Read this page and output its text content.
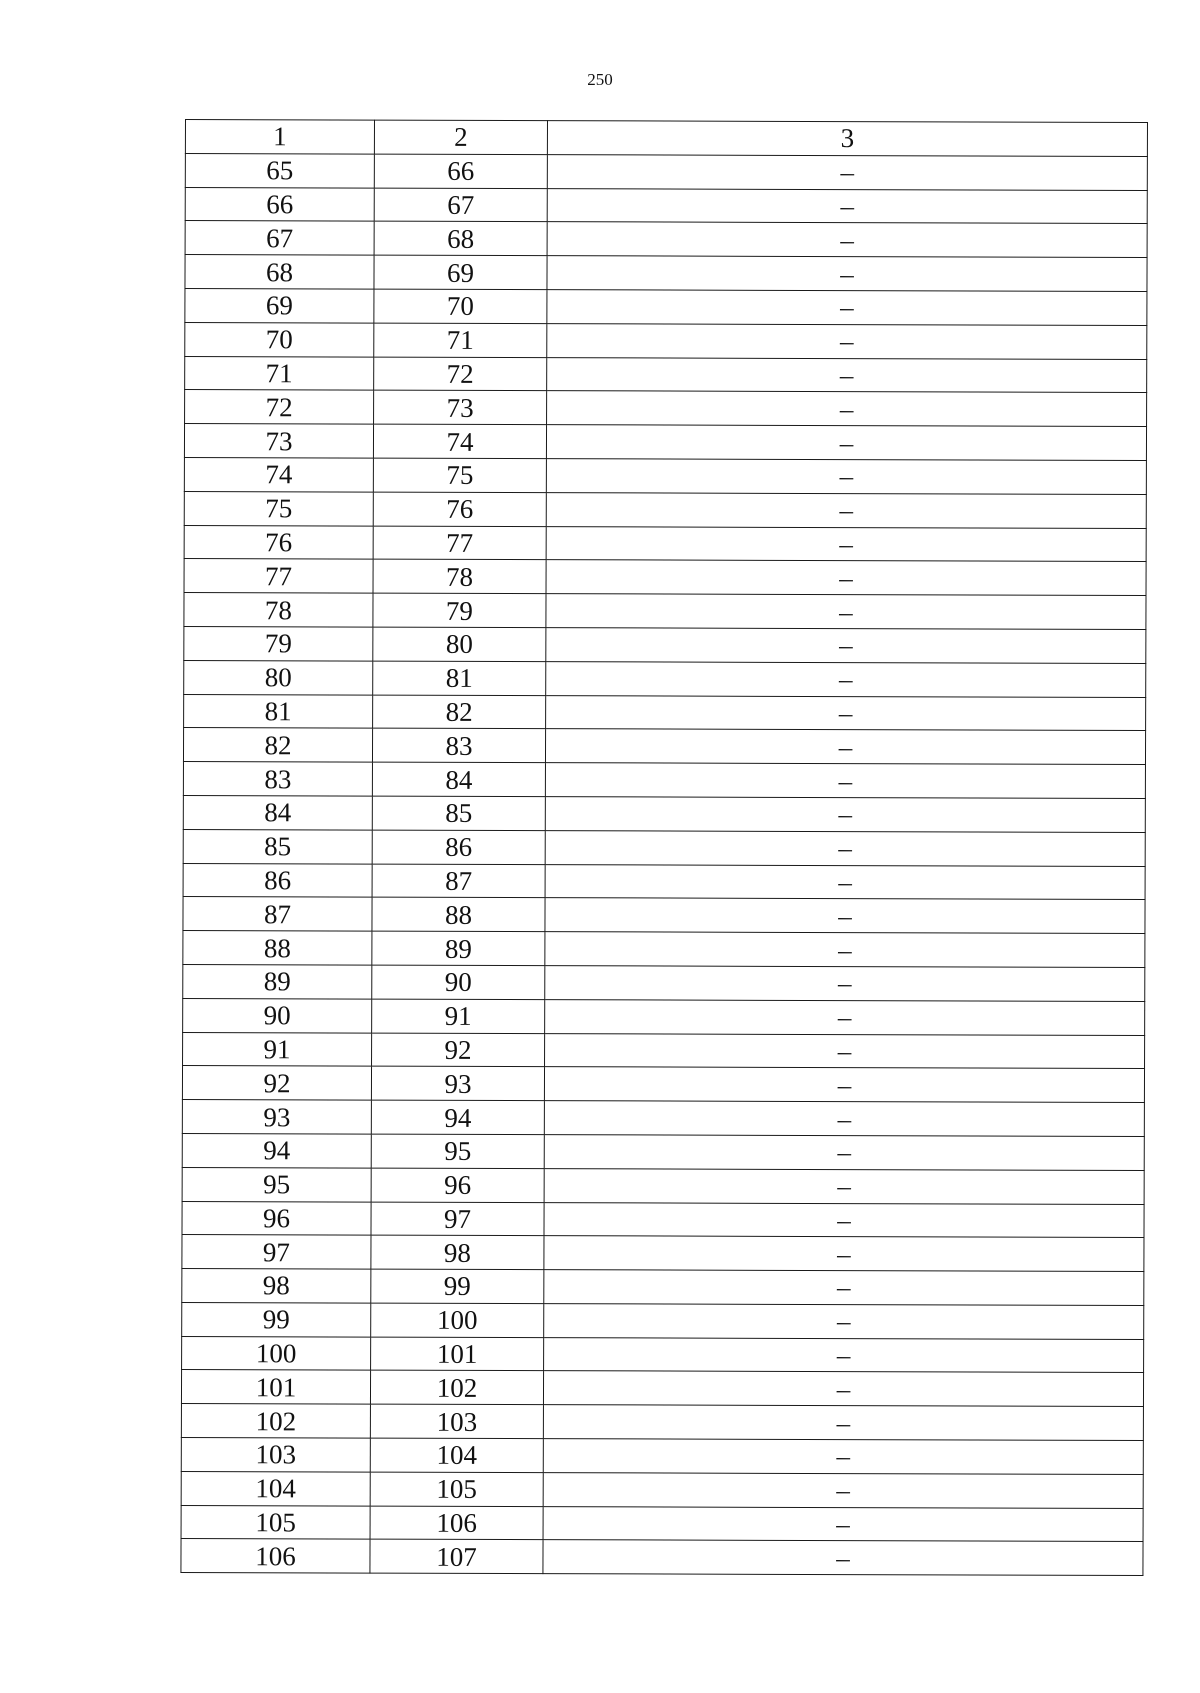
250
1	2	3
65	66	–
66	67	–
67	68	–
68	69	–
69	70	–
70	71	–
71	72	–
72	73	–
73	74	–
74	75	–
75	76	–
76	77	–
77	78	–
78	79	–
79	80	–
80	81	–
81	82	–
82	83	–
83	84	–
84	85	–
85	86	–
86	87	–
87	88	–
88	89	–
89	90	–
90	91	–
91	92	–
92	93	–
93	94	–
94	95	–
95	96	–
96	97	–
97	98	–
98	99	–
99	100	–
100	101	–
101	102	–
102	103	–
103	104	–
104	105	–
105	106	–
106	107	–
